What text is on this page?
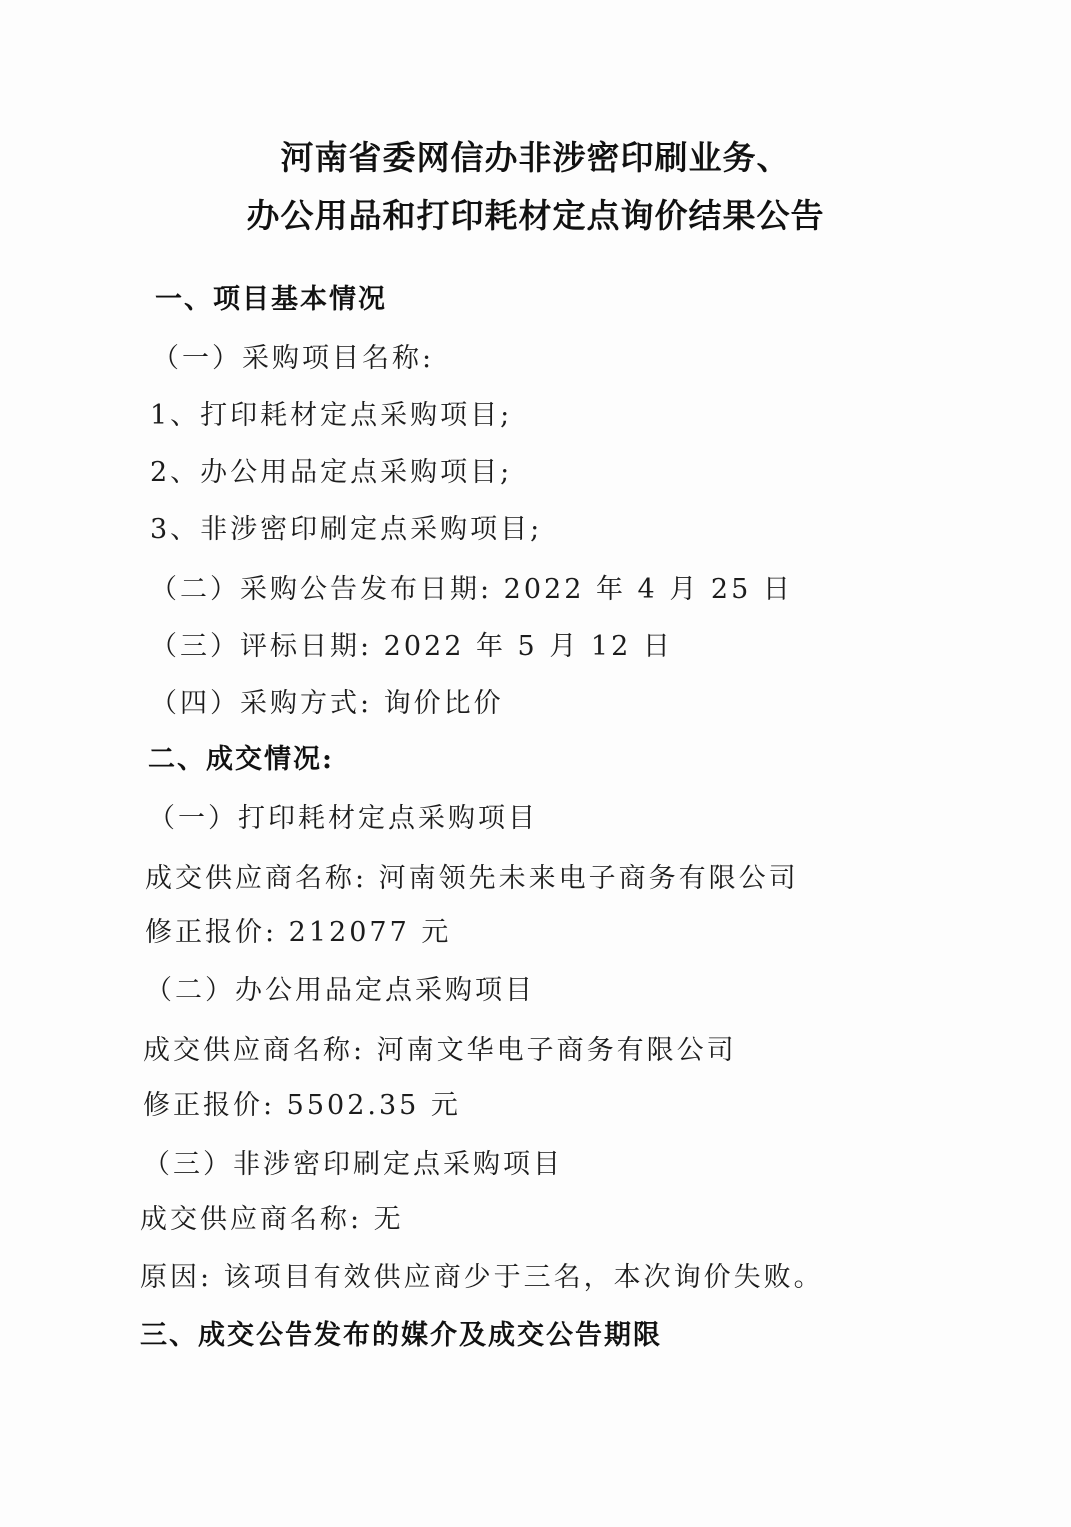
河南省委网信办非涉密印刷业务、
办公用品和打印耗材定点询价结果公告
一、项目基本情况
（一）采购项目名称:
1、打印耗材定点采购项目;
2、办公用品定点采购项目;
3、非涉密印刷定点采购项目;
（二）采购公告发布日期: 2022 年 4 月 25 日
（三）评标日期: 2022 年 5 月 12 日
（四）采购方式: 询价比价
二、成交情况:
（一）打印耗材定点采购项目
成交供应商名称: 河南领先未来电子商务有限公司
修正报价: 212077 元
（二）办公用品定点采购项目
成交供应商名称: 河南文华电子商务有限公司
修正报价: 5502.35 元
（三）非涉密印刷定点采购项目
成交供应商名称: 无
原因: 该项目有效供应商少于三名，本次询价失败。
三、成交公告发布的媒介及成交公告期限
